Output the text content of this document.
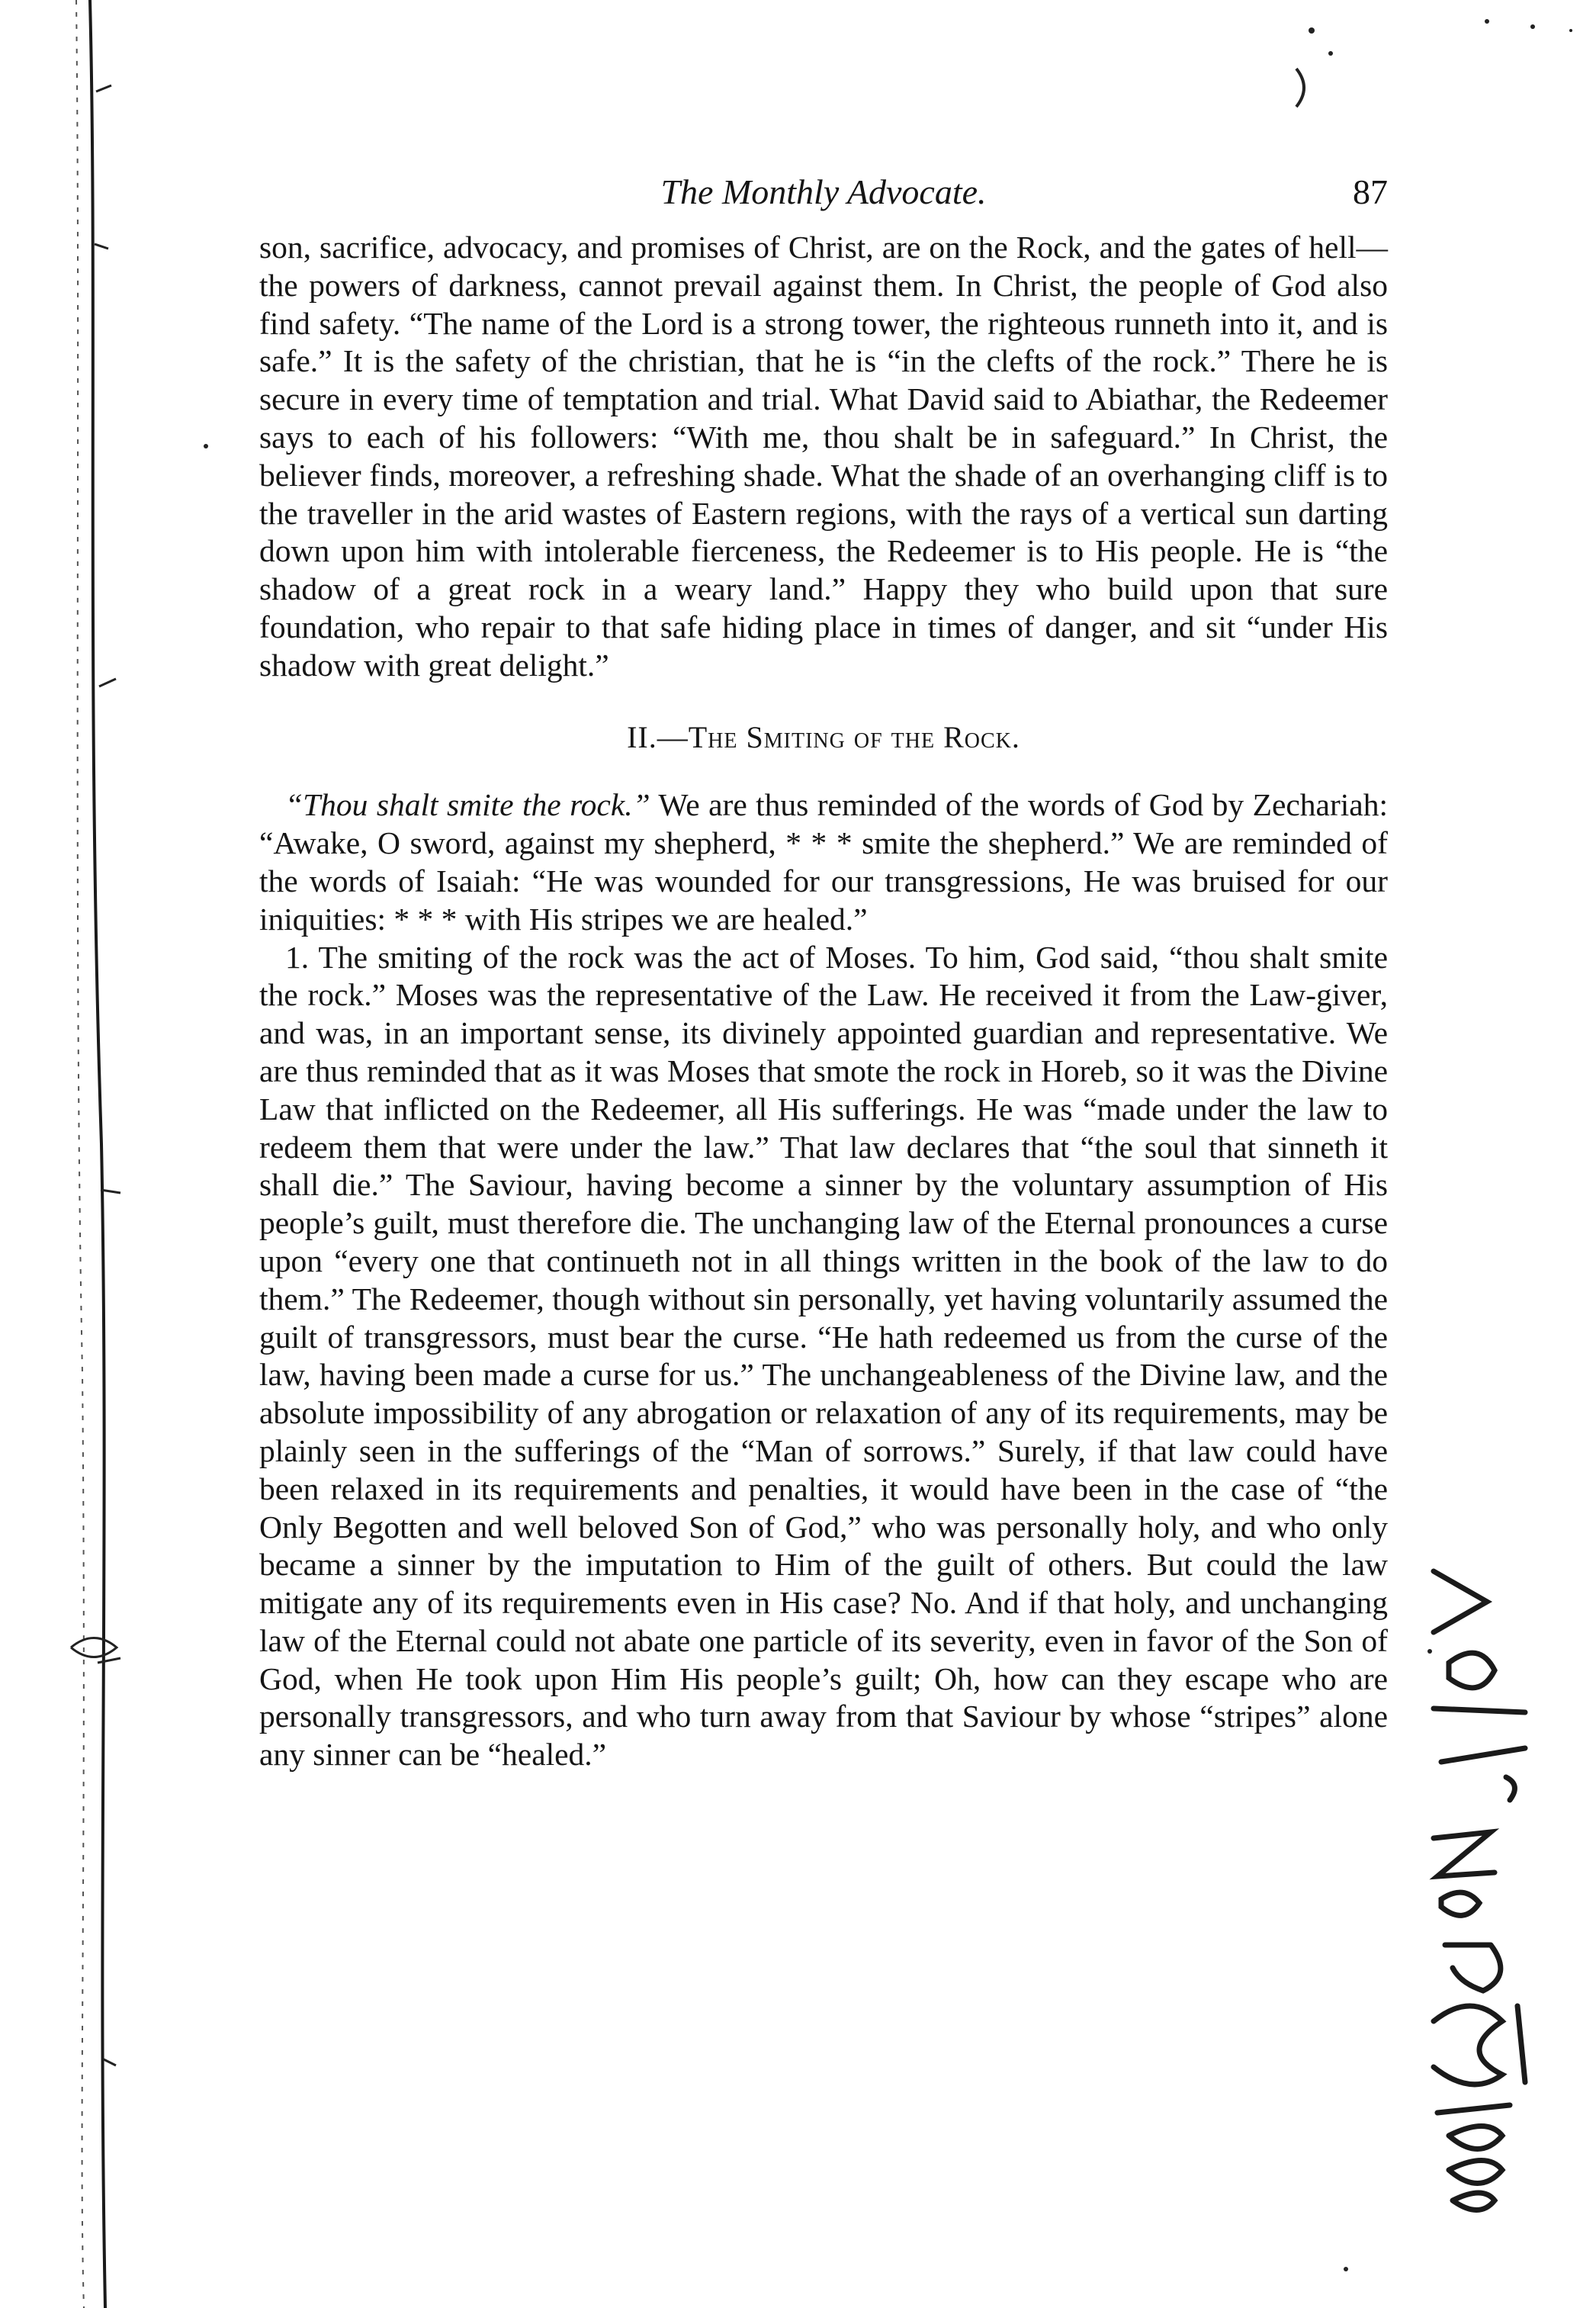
The Monthly Advocate.	87

son, sacrifice, advocacy, and promises of Christ, are on the Rock, and the gates of hell—the powers of darkness, cannot prevail against them. In Christ, the people of God also find safety. “The name of the Lord is a strong tower, the righteous runneth into it, and is safe.” It is the safety of the christian, that he is “in the clefts of the rock.” There he is secure in every time of temptation and trial. What David said to Abiathar, the Redeemer says to each of his followers: “With me, thou shalt be in safeguard.” In Christ, the believer finds, moreover, a refreshing shade. What the shade of an overhanging cliff is to the traveller in the arid wastes of Eastern regions, with the rays of a vertical sun darting down upon him with intolerable fierceness, the Redeemer is to His people. He is “the shadow of a great rock in a weary land.” Happy they who build upon that sure foundation, who repair to that safe hiding place in times of danger, and sit “under His shadow with great delight.”

II.—The Smiting of the Rock.

“Thou shalt smite the rock.” We are thus reminded of the words of God by Zechariah: “Awake, O sword, against my shepherd, * * * smite the shepherd.” We are reminded of the words of Isaiah: “He was wounded for our transgressions, He was bruised for our iniquities: * * * with His stripes we are healed.”

1. The smiting of the rock was the act of Moses. To him, God said, “thou shalt smite the rock.” Moses was the representative of the Law. He received it from the Law-giver, and was, in an important sense, its divinely appointed guardian and representative. We are thus reminded that as it was Moses that smote the rock in Horeb, so it was the Divine Law that inflicted on the Redeemer, all His sufferings. He was “made under the law to redeem them that were under the law.” That law declares that “the soul that sinneth it shall die.” The Saviour, having become a sinner by the voluntary assumption of His people’s guilt, must therefore die. The unchanging law of the Eternal pronounces a curse upon “every one that continueth not in all things written in the book of the law to do them.” The Redeemer, though without sin personally, yet having voluntarily assumed the guilt of transgressors, must bear the curse. “He hath redeemed us from the curse of the law, having been made a curse for us.” The unchangeableness of the Divine law, and the absolute impossibility of any abrogation or relaxation of any of its requirements, may be plainly seen in the sufferings of the “Man of sorrows.” Surely, if that law could have been relaxed in its requirements and penalties, it would have been in the case of “the Only Begotten and well beloved Son of God,” who was personally holy, and who only became a sinner by the imputation to Him of the guilt of others. But could the law mitigate any of its requirements even in His case? No. And if that holy, and unchanging law of the Eternal could not abate one particle of its severity, even in favor of the Son of God, when He took upon Him His people’s guilt; Oh, how can they escape who are personally transgressors, and who turn away from that Saviour by whose “stripes” alone any sinner can be “healed.”
